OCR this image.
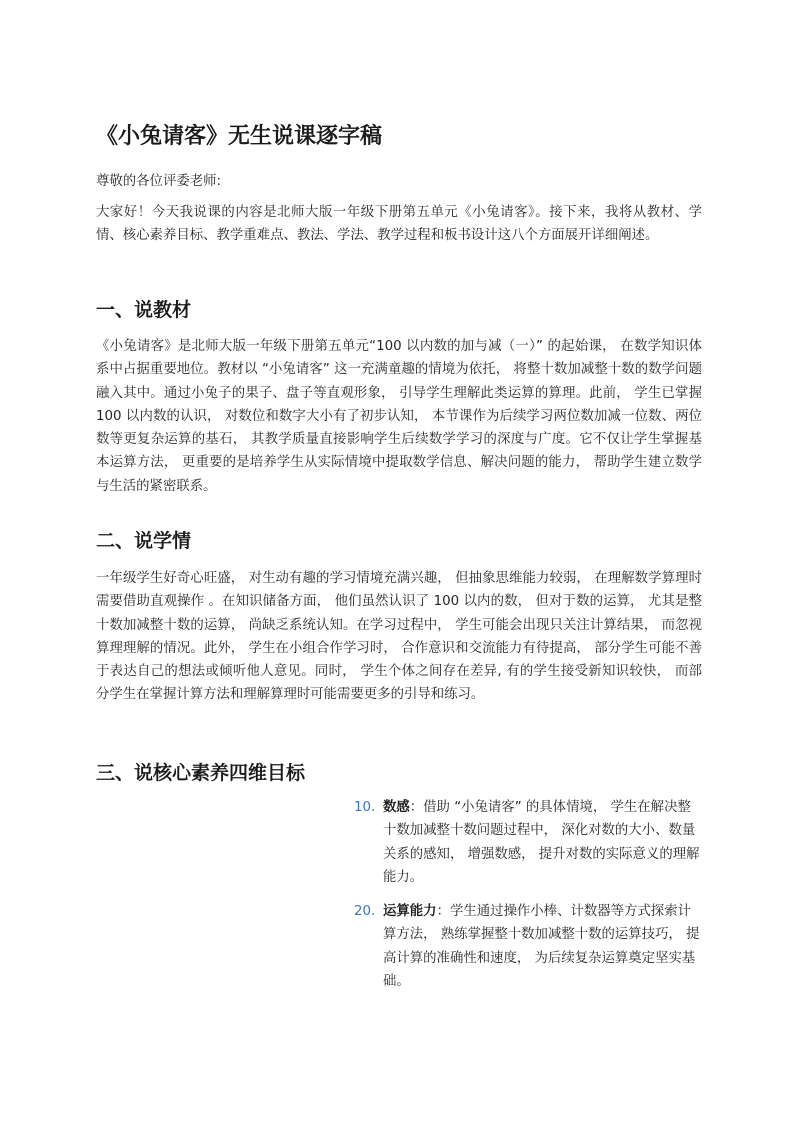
《小兔请客》无生说课逐字稿

尊敬的各位评委老师:

大家好！今天我说课的内容是北师大版一年级下册第五单元《小兔请客》。接下来，我将从教材、学情、核心素养目标、教学重难点、教法、学法、教学过程和板书设计这八个方面展开详细阐述。

一、说教材

《小兔请客》是北师大版一年级下册第五单元“100 以内数的加与减（一）” 的起始课， 在数学知识体系中占据重要地位。教材以 “小兔请客” 这一充满童趣的情境为依托， 将整十数加减整十数的数学问题融入其中。通过小兔子的果子、盘子等直观形象， 引导学生理解此类运算的算理。此前， 学生已掌握 100 以内数的认识， 对数位和数字大小有了初步认知， 本节课作为后续学习两位数加减一位数、两位数等更复杂运算的基石， 其教学质量直接影响学生后续数学学习的深度与广度。它不仅让学生掌握基本运算方法， 更重要的是培养学生从实际情境中提取数学信息、解决问题的能力， 帮助学生建立数学与生活的紧密联系。

二、说学情

一年级学生好奇心旺盛， 对生动有趣的学习情境充满兴趣， 但抽象思维能力较弱， 在理解数学算理时需要借助直观操作 。在知识储备方面， 他们虽然认识了 100 以内的数， 但对于数的运算， 尤其是整十数加减整十数的运算， 尚缺乏系统认知。在学习过程中， 学生可能会出现只关注计算结果， 而忽视算理理解的情况。此外， 学生在小组合作学习时， 合作意识和交流能力有待提高， 部分学生可能不善于表达自己的想法或倾听他人意见。同时， 学生个体之间存在差异, 有的学生接受新知识较快， 而部分学生在掌握计算方法和理解算理时可能需要更多的引导和练习。

三、说核心素养四维目标
10. 数感：借助 “小兔请客” 的具体情境， 学生在解决整十数加减整十数问题过程中， 深化对数的大小、数量关系的感知， 增强数感， 提升对数的实际意义的理解能力。
20. 运算能力：学生通过操作小棒、计数器等方式探索计算方法， 熟练掌握整十数加减整十数的运算技巧， 提高计算的准确性和速度， 为后续复杂运算奠定坚实基础。
